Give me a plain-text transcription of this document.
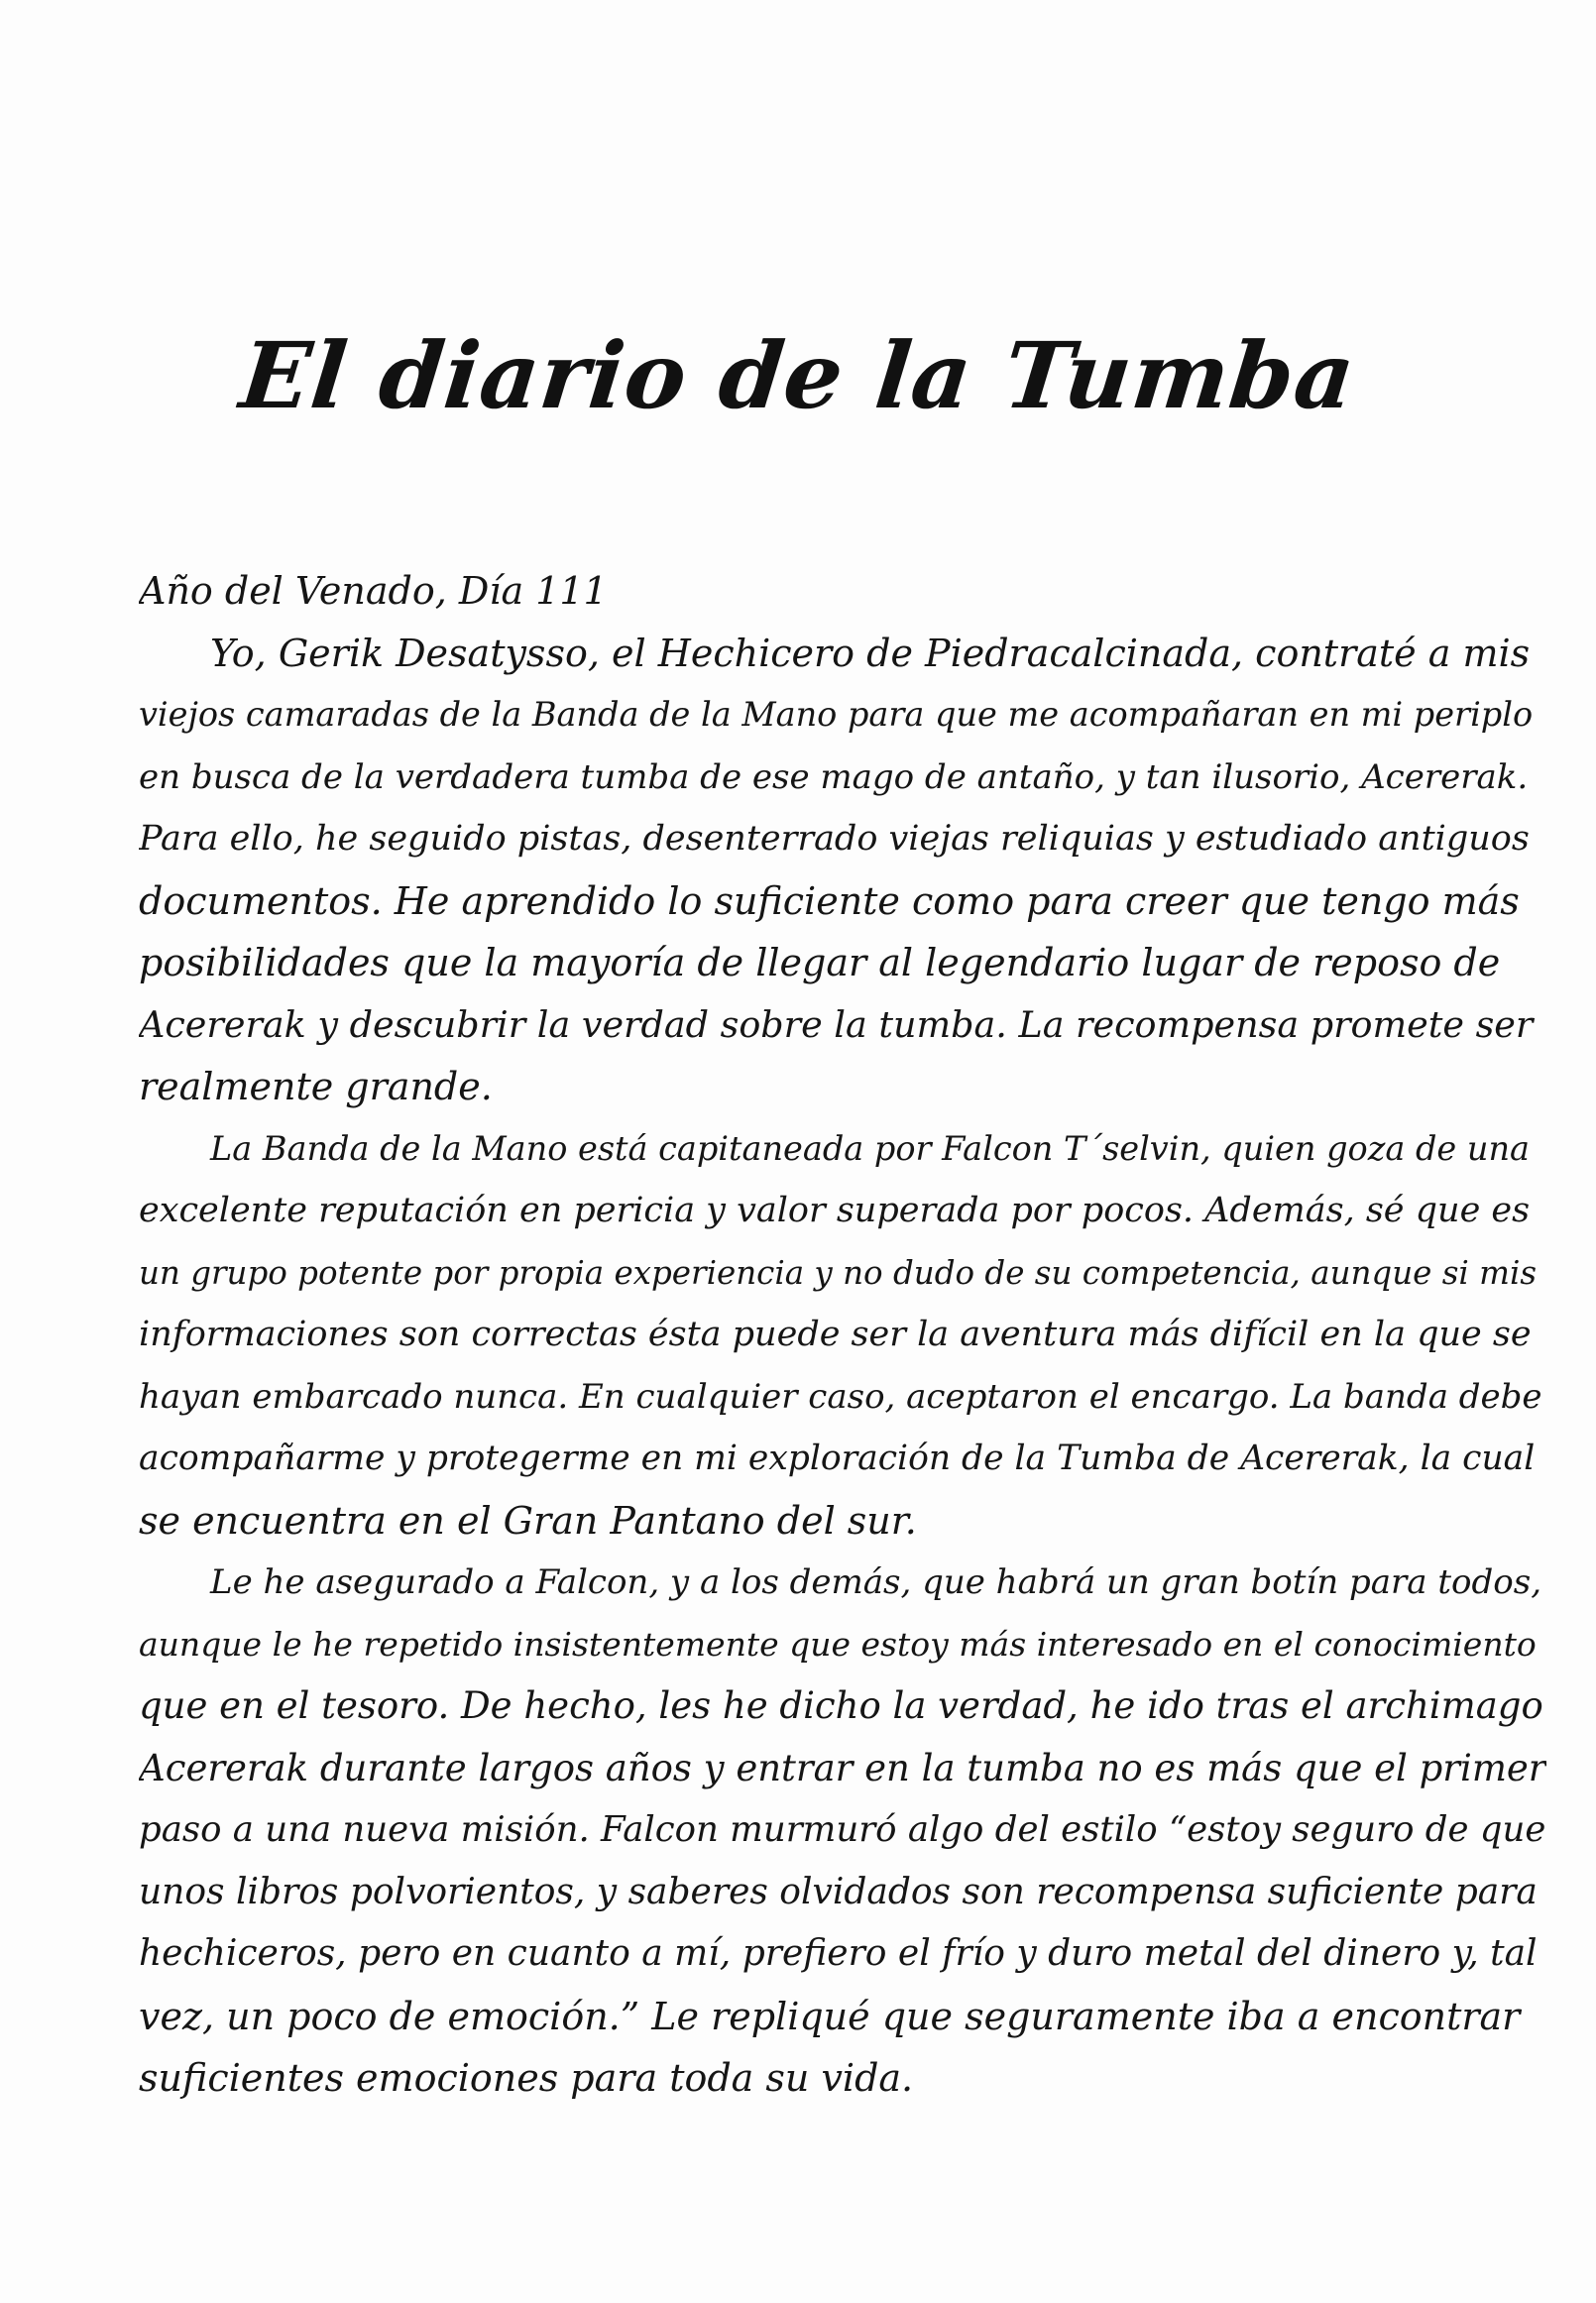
El diario de la Tumba
Año del Venado, Día 111
Yo, Gerik Desatysso, el Hechicero de Piedracalcinada, contraté a mis
viejos camaradas de la Banda de la Mano para que me acompañaran en mi periplo
en busca de la verdadera tumba de ese mago de antaño, y tan ilusorio, Acererak.
Para ello, he seguido pistas, desenterrado viejas reliquias y estudiado antiguos
documentos. He aprendido lo suficiente como para creer que tengo más
posibilidades que la mayoría de llegar al legendario lugar de reposo de
Acererak y descubrir la verdad sobre la tumba. La recompensa promete ser
realmente grande.
La Banda de la Mano está capitaneada por Falcon T´selvin, quien goza de una
excelente reputación en pericia y valor superada por pocos. Además, sé que es
un grupo potente por propia experiencia y no dudo de su competencia, aunque si mis
informaciones son correctas ésta puede ser la aventura más difícil en la que se
hayan embarcado nunca. En cualquier caso, aceptaron el encargo. La banda debe
acompañarme y protegerme en mi exploración de la Tumba de Acererak, la cual
se encuentra en el Gran Pantano del sur.
Le he asegurado a Falcon, y a los demás, que habrá un gran botín para todos,
aunque le he repetido insistentemente que estoy más interesado en el conocimiento
que en el tesoro. De hecho, les he dicho la verdad, he ido tras el archimago
Acererak durante largos años y entrar en la tumba no es más que el primer
paso a una nueva misión. Falcon murmuró algo del estilo “estoy seguro de que
unos libros polvorientos, y saberes olvidados son recompensa suficiente para
hechiceros, pero en cuanto a mí, prefiero el frío y duro metal del dinero y, tal
vez, un poco de emoción.” Le repliqué que seguramente iba a encontrar
suficientes emociones para toda su vida.
